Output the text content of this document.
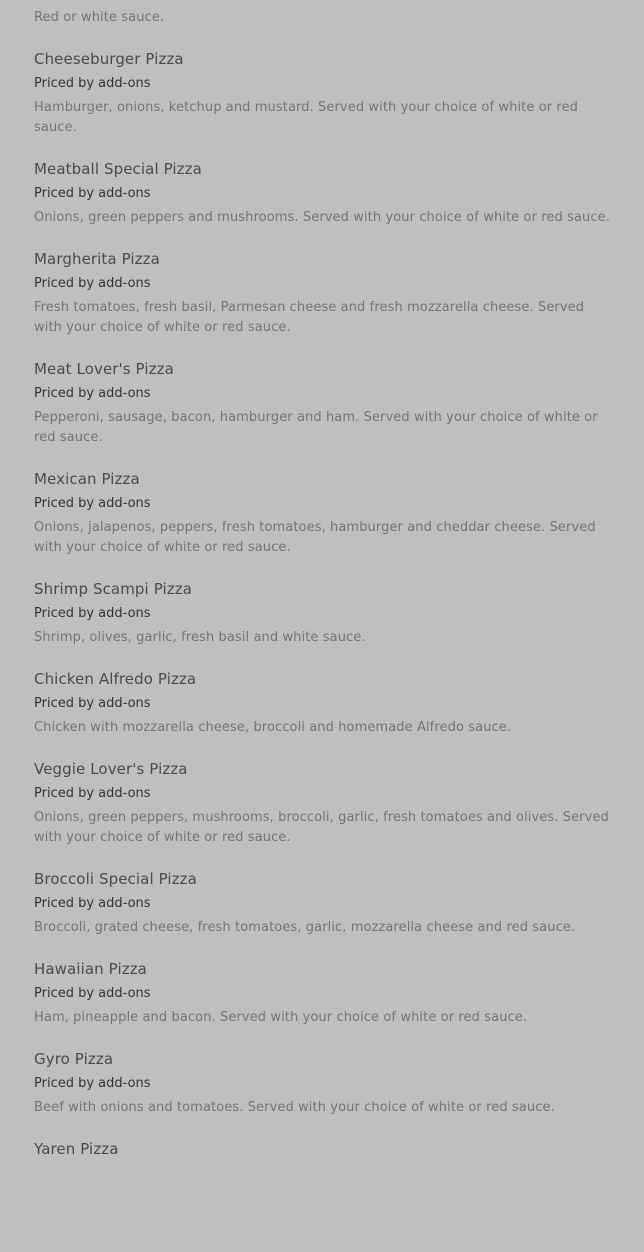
Red or white sauce.
Cheeseburger Pizza
Priced by add-ons
Hamburger, onions, ketchup and mustard. Served with your choice of white or red sauce.
Meatball Special Pizza
Priced by add-ons
Onions, green peppers and mushrooms. Served with your choice of white or red sauce.
Margherita Pizza
Priced by add-ons
Fresh tomatoes, fresh basil, Parmesan cheese and fresh mozzarella cheese. Served with your choice of white or red sauce.
Meat Lover's Pizza
Priced by add-ons
Pepperoni, sausage, bacon, hamburger and ham. Served with your choice of white or red sauce.
Mexican Pizza
Priced by add-ons
Onions, jalapenos, peppers, fresh tomatoes, hamburger and cheddar cheese. Served with your choice of white or red sauce.
Shrimp Scampi Pizza
Priced by add-ons
Shrimp, olives, garlic, fresh basil and white sauce.
Chicken Alfredo Pizza
Priced by add-ons
Chicken with mozzarella cheese, broccoli and homemade Alfredo sauce.
Veggie Lover's Pizza
Priced by add-ons
Onions, green peppers, mushrooms, broccoli, garlic, fresh tomatoes and olives. Served with your choice of white or red sauce.
Broccoli Special Pizza
Priced by add-ons
Broccoli, grated cheese, fresh tomatoes, garlic, mozzarella cheese and red sauce.
Hawaiian Pizza
Priced by add-ons
Ham, pineapple and bacon. Served with your choice of white or red sauce.
Gyro Pizza
Priced by add-ons
Beef with onions and tomatoes. Served with your choice of white or red sauce.
Yaren Pizza
